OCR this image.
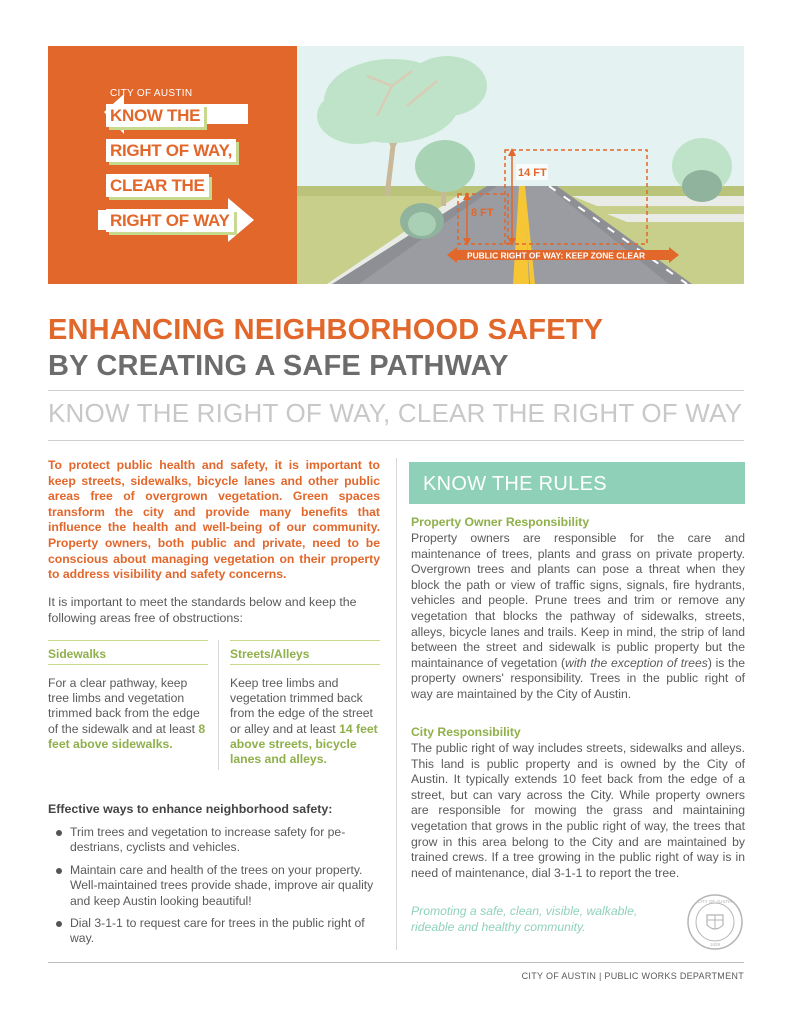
CITY OF AUSTIN
KNOW THE
RIGHT OF WAY,
CLEAR THE
RIGHT OF WAY
14 FT
8 FT
PUBLIC RIGHT OF WAY: KEEP ZONE CLEAR
ENHANCING NEIGHBORHOOD SAFETY
BY CREATING A SAFE PATHWAY
KNOW THE RIGHT OF WAY, CLEAR THE RIGHT OF WAY
To protect public health and safety, it is important to keep streets, sidewalks, bicycle lanes and other public areas free of overgrown vegetation. Green spaces transform the city and provide many benefits that influence the health and well-being of our community. Property owners, both public and private, need to be conscious about managing vegetation on their property to address visibility and safety concerns.
It is important to meet the standards below and keep the following areas free of obstructions:
Sidewalks
For a clear pathway, keep tree limbs and vegetation trimmed back from the edge of the sidewalk and at least 8 feet above sidewalks.
Streets/Alleys
Keep tree limbs and vegetation trimmed back from the edge of the street or alley and at least 14 feet above streets, bicycle lanes and alleys.
Effective ways to enhance neighborhood safety:
Trim trees and vegetation to increase safety for pe-destrians, cyclists and vehicles.
Maintain care and health of the trees on your property. Well-maintained trees provide shade, improve air quality and keep Austin looking beautiful!
Dial 3-1-1 to request care for trees in the public right of way.
KNOW THE RULES
Property Owner Responsibility
Property owners are responsible for the care and maintenance of trees, plants and grass on private property. Overgrown trees and plants can pose a threat when they block the path or view of traffic signs, signals, fire hydrants, vehicles and people. Prune trees and trim or remove any vegetation that blocks the pathway of sidewalks, streets, alleys, bicycle lanes and trails. Keep in mind, the strip of land between the street and sidewalk is public property but the maintainance of vegetation (with the exception of trees) is the property owners' responsibility. Trees in the public right of way are maintained by the City of Austin.
City Responsibility
The public right of way includes streets, sidewalks and alleys. This land is public property and is owned by the City of Austin. It typically extends 10 feet back from the edge of a street, but can vary across the City. While property owners are responsible for mowing the grass and maintaining vegetation that grows in the public right of way, the trees that grow in this area belong to the City and are maintained by trained crews. If a tree growing in the public right of way is in need of maintenance, dial 3-1-1 to report the tree.
Promoting a safe, clean, visible, walkable, rideable and healthy community.
CITY OF AUSTIN
1839
CITY OF AUSTIN | PUBLIC WORKS DEPARTMENT
